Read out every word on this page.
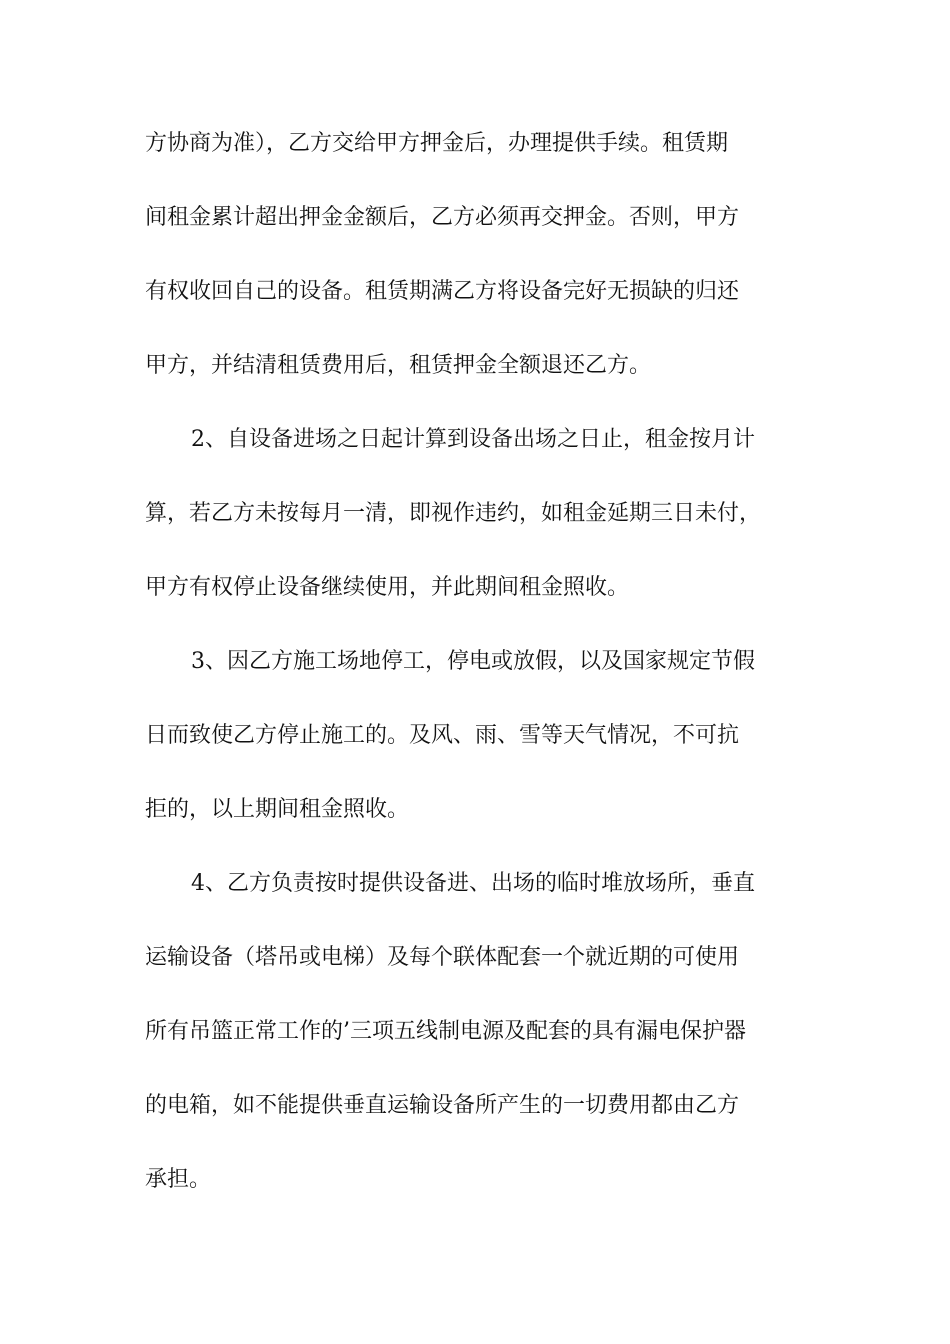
方协商为准），乙方交给甲方押金后，办理提供手续。租赁期
间租金累计超出押金金额后，乙方必须再交押金。否则，甲方
有权收回自己的设备。租赁期满乙方将设备完好无损缺的归还
甲方，并结清租赁费用后，租赁押金全额退还乙方。
2、自设备进场之日起计算到设备出场之日止，租金按月计
算，若乙方未按每月一清，即视作违约，如租金延期三日未付，
甲方有权停止设备继续使用，并此期间租金照收。
3、因乙方施工场地停工，停电或放假，以及国家规定节假
日而致使乙方停止施工的。及风、雨、雪等天气情况，不可抗
拒的，以上期间租金照收。
4、乙方负责按时提供设备进、出场的临时堆放场所，垂直
运输设备（塔吊或电梯）及每个联体配套一个就近期的可使用
所有吊篮正常工作的’三项五线制电源及配套的具有漏电保护器
的电箱，如不能提供垂直运输设备所产生的一切费用都由乙方
承担。
